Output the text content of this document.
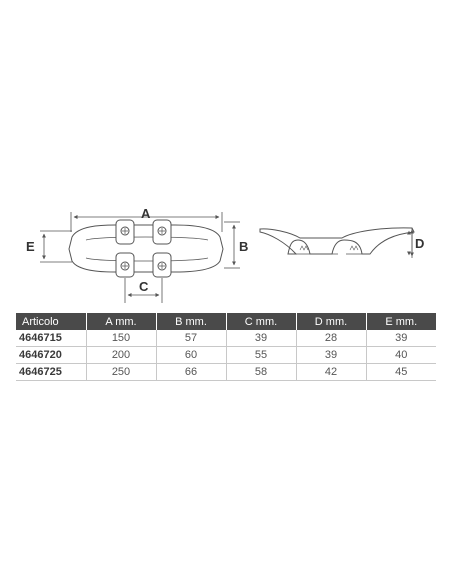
A
B
C
D
E
Articolo	A mm.	B mm.	C mm.	D mm.	E mm.
4646715	150	57	39	28	39
4646720	200	60	55	39	40
4646725	250	66	58	42	45
